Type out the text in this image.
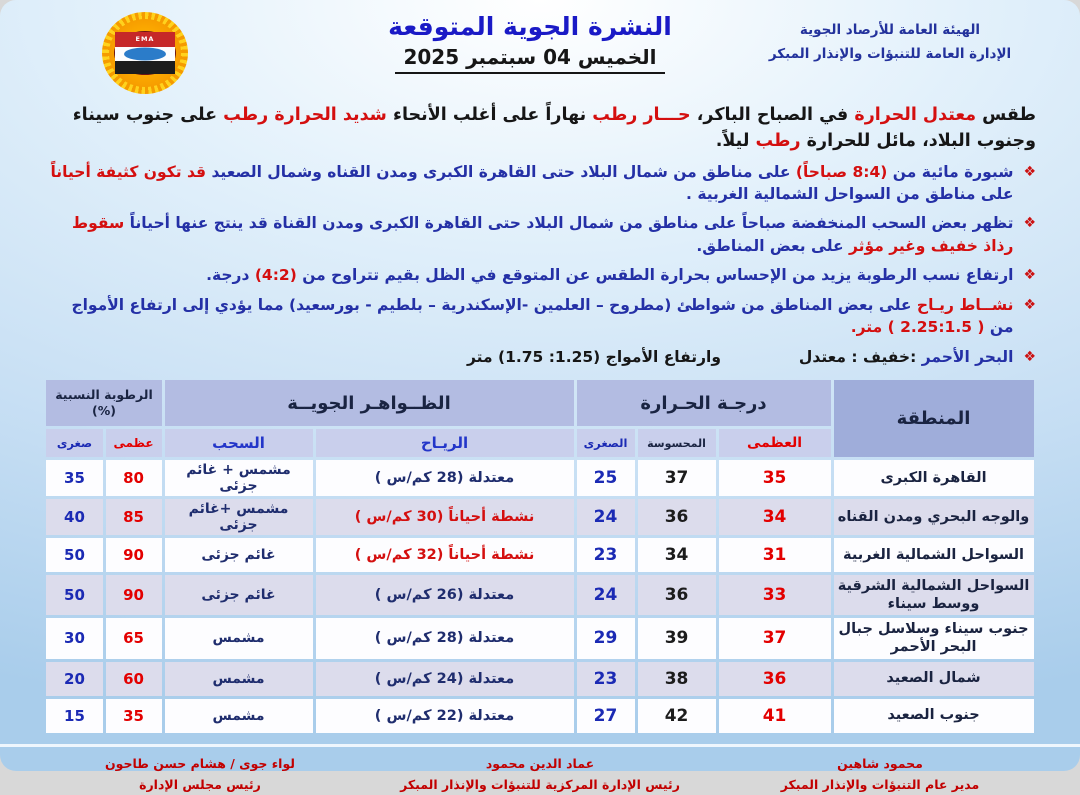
الهيئة العامة للأرصاد الجوية
الإدارة العامة للتنبؤات والإنذار المبكر
النشرة الجوية المتوقعة
الخميس 04 سبتمبر 2025
EMA
طقس معتدل الحرارة في الصباح الباكر، حـــار رطب نهاراً على أغلب الأنحاء شديد الحرارة رطب على جنوب سيناء وجنوب البلاد، مائل للحرارة رطب ليلاً.
❖
شبورة مائية من (8:4 صباحاً) على مناطق من شمال البلاد حتى القاهرة الكبرى ومدن القناه وشمال الصعيد قد تكون كثيفة أحياناً على مناطق من السواحل الشمالية الغربية .
❖
تظهر بعض السحب المنخفضة صباحاً على مناطق من شمال البلاد حتى القاهرة الكبرى ومدن القناة قد ينتج عنها أحياناً سقوط رذاذ خفيف وغير مؤثر على بعض المناطق.
❖
ارتفاع نسب الرطوبة يزيد من الإحساس بحرارة الطقس عن المتوقع في الظل بقيم تتراوح من (4:2) درجة.
❖
نشــاط ريـاح على بعض المناطق من شواطئ (مطروح – العلمين -الإسكندرية – بلطيم - بورسعيد) مما يؤدي إلى ارتفاع الأمواج من ( 2.25:1.5 ) متر.
❖
البحر الأحمر :خفيف : معتدل
وارتفاع الأمواج (1.25: 1.75) متر
المنطقة	درجـة الحـرارة			الظــواهـر الجويــة		الرطوبة النسبية
(%)	
	العظمى	المحسوسة	الصغرى	الريـاح	السحب	عظمى	صغرى
القاهرة الكبرى	35	37	25	معتدلة (28 كم/س )	مشمس + غائم جزئى	80	35
والوجه البحري ومدن القناه	34	36	24	نشطة أحياناً (30 كم/س )	مشمس +غائم جزئى	85	40
السواحل الشمالية الغربية	31	34	23	نشطة أحياناً (32 كم/س )	غائم جزئى	90	50
السواحل الشمالية الشرقية ووسط سيناء	33	36	24	معتدلة (26 كم/س )	غائم جزئى	90	50
جنوب سيناء وسلاسل جبال البحر الأحمر	37	39	29	معتدلة (28 كم/س )	مشمس	65	30
شمال الصعيد	36	38	23	معتدلة (24 كم/س )	مشمس	60	20
جنوب الصعيد	41	42	27	معتدلة (22 كم/س )	مشمس	35	15
محمود شاهين
مدير عام التنبؤات والإنذار المبكر
عماد الدين محمود
رئيس الإدارة المركزية للتنبؤات والإنذار المبكر
لواء جوى / هشام حسن طاحون
رئيس مجلس الإدارة
